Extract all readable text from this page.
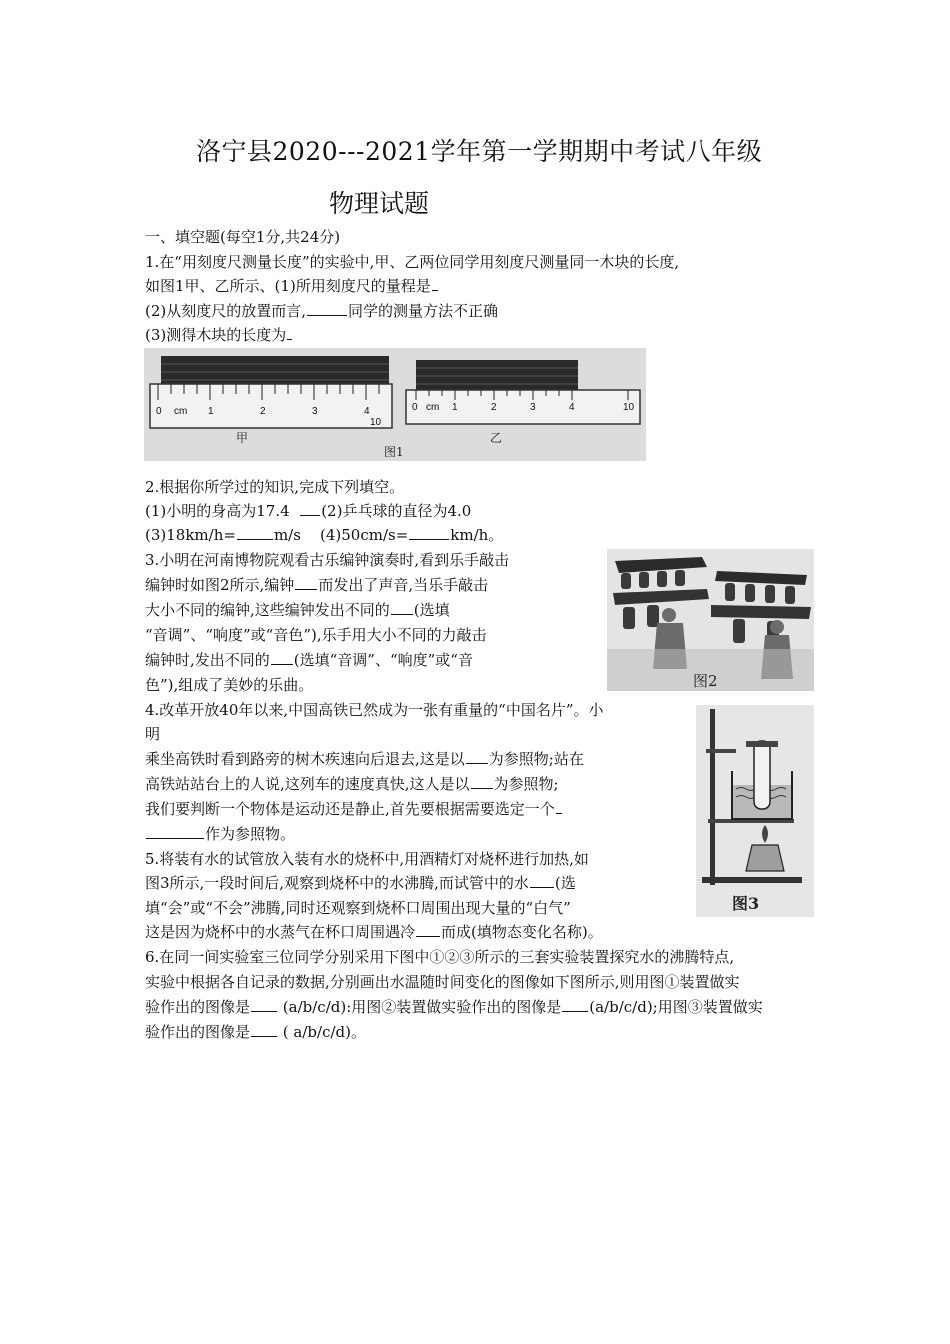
洛宁县2020---2021学年第一学期期中考试八年级
物理试题
一、填空题(每空1分,共24分)
1.在“用刻度尺测量长度”的实验中,甲、乙两位同学用刻度尺测量同一木块的长度,
如图1甲、乙所示、(1)所用刻度尺的量程是
(2)从刻度尺的放置而言,	同学的测量方法不正确
(3)测得木块的长度为
0 cm 1	2	3	4
10
0 cm 1	2	3	4	10
甲	乙
图1
2.根据你所学过的知识,完成下列填空。
(1)小明的身高为17.4 (2)乒乓球的直径为4.0
(3)18km/h=	m/s (4)50cm/s=	km/h。
3.小明在河南博物院观看古乐编钟演奏时,看到乐手敲击
编钟时如图2所示,编钟 而发出了声音,当乐手敲击
大小不同的编钟,这些编钟发出不同的 (选填
“音调”、“响度”或“音色”),乐手用大小不同的力敲击
编钟时,发出不同的 (选填“音调”、“响度”或“音
色”),组成了美妙的乐曲。	图2
4.改革开放40年以来,中国高铁已然成为一张有重量的“中国名片”。小
明
乘坐高铁时看到路旁的树木疾速向后退去,这是以 为参照物;站在
高铁站站台上的人说,这列车的速度真快,这人是以 为参照物;
我们要判断一个物体是运动还是静止,首先要根据需要选定一个
作为参照物。
图3
5.将装有水的试管放入装有水的烧杯中,用酒精灯对烧杯进行加热,如
图3所示,一段时间后,观察到烧杯中的水沸腾,而试管中的水 (选
填“会”或“不会”沸腾,同时还观察到烧杯口周围出现大量的“白气”
这是因为烧杯中的水蒸气在杯口周围遇冷 而成(填物态变化名称)。
6.在同一间实验室三位同学分别采用下图中①②③所示的三套实验装置探究水的沸腾特点,
实验中根据各自记录的数据,分别画出水温随时间变化的图像如下图所示,则用图①装置做实
验作出的图像是 (a/b/c/d):用图②装置做实验作出的图像是 (a/b/c/d);用图③装置做实
验作出的图像是 ( a/b/c/d)。
